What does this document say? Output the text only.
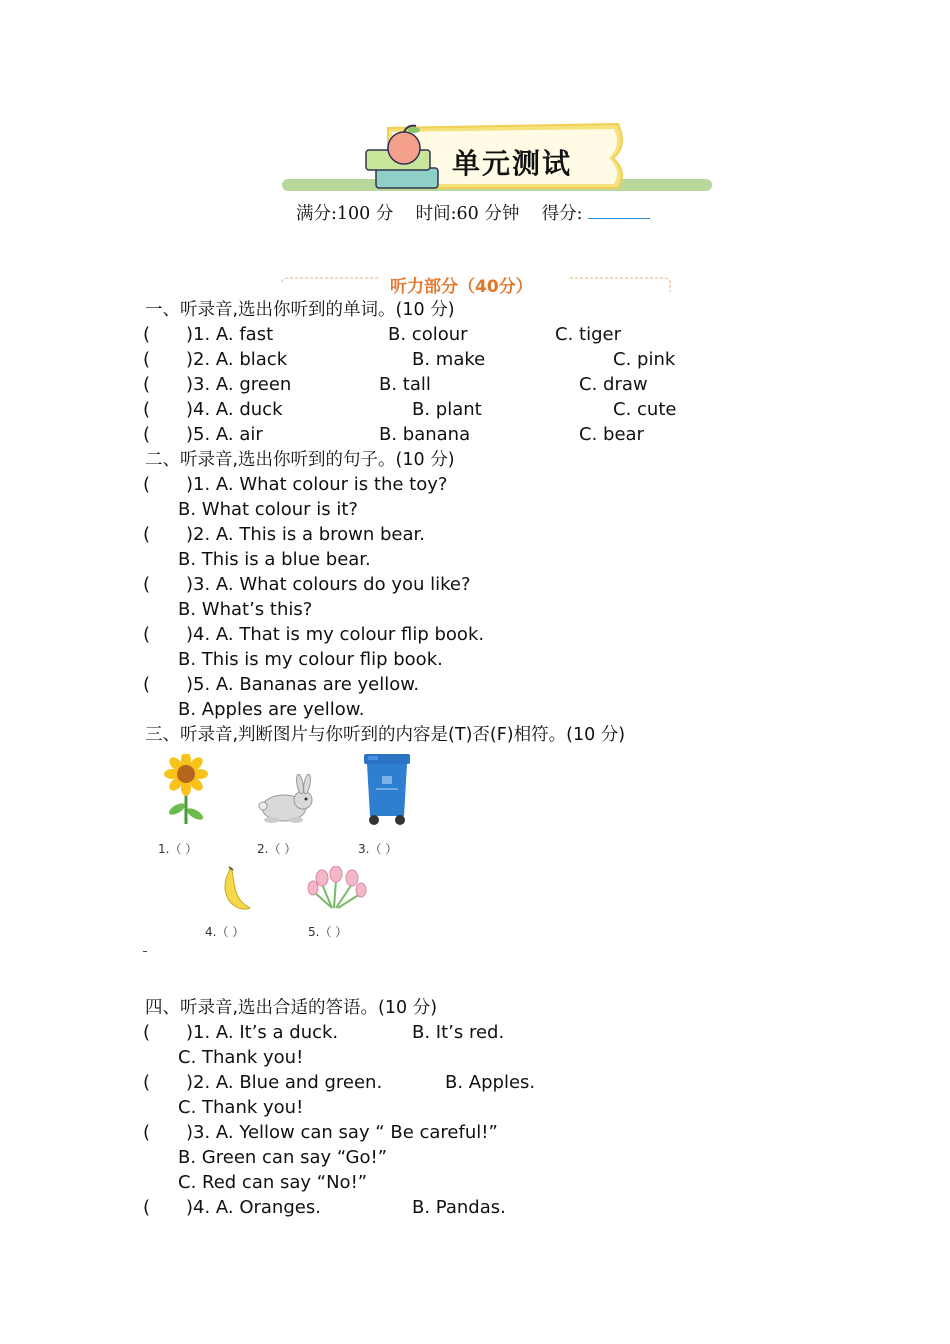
单元测试
满分:100 分 时间:60 分钟 得分:
听力部分（40分）
一、听录音,选出你听到的单词。(10 分)
( ) 1. A. fast	B. colour	C. tiger
( ) 2. A. black	B. make	C. pink
( ) 3. A. green	B. tall	C. draw
( ) 4. A. duck	B. plant	C. cute
( ) 5. A. air	B. banana	C. bear
二、听录音,选出你听到的句子。(10 分)
( ) 1. A. What colour is the toy?
B. What colour is it?
( ) 2. A. This is a brown bear.
B. This is a blue bear.
( ) 3. A. What colours do you like?
B. What’s this?
( ) 4. A. That is my colour flip book.
B. This is my colour flip book.
( ) 5. A. Bananas are yellow.
B. Apples are yellow.
三、听录音,判断图片与你听到的内容是(T)否(F)相符。(10 分)
1.（ ）	2.（ ）	3.（ ）
4.（ ）	5.（ ）
四、听录音,选出合适的答语。(10 分)
( ) 1. A. It’s a duck.	B. It’s red.
C. Thank you!
( ) 2. A. Blue and green.	B. Apples.
C. Thank you!
( ) 3. A. Yellow can say “ Be careful!”
B. Green can say “Go!”
C. Red can say “No!”
( ) 4. A. Oranges.	B. Pandas.
